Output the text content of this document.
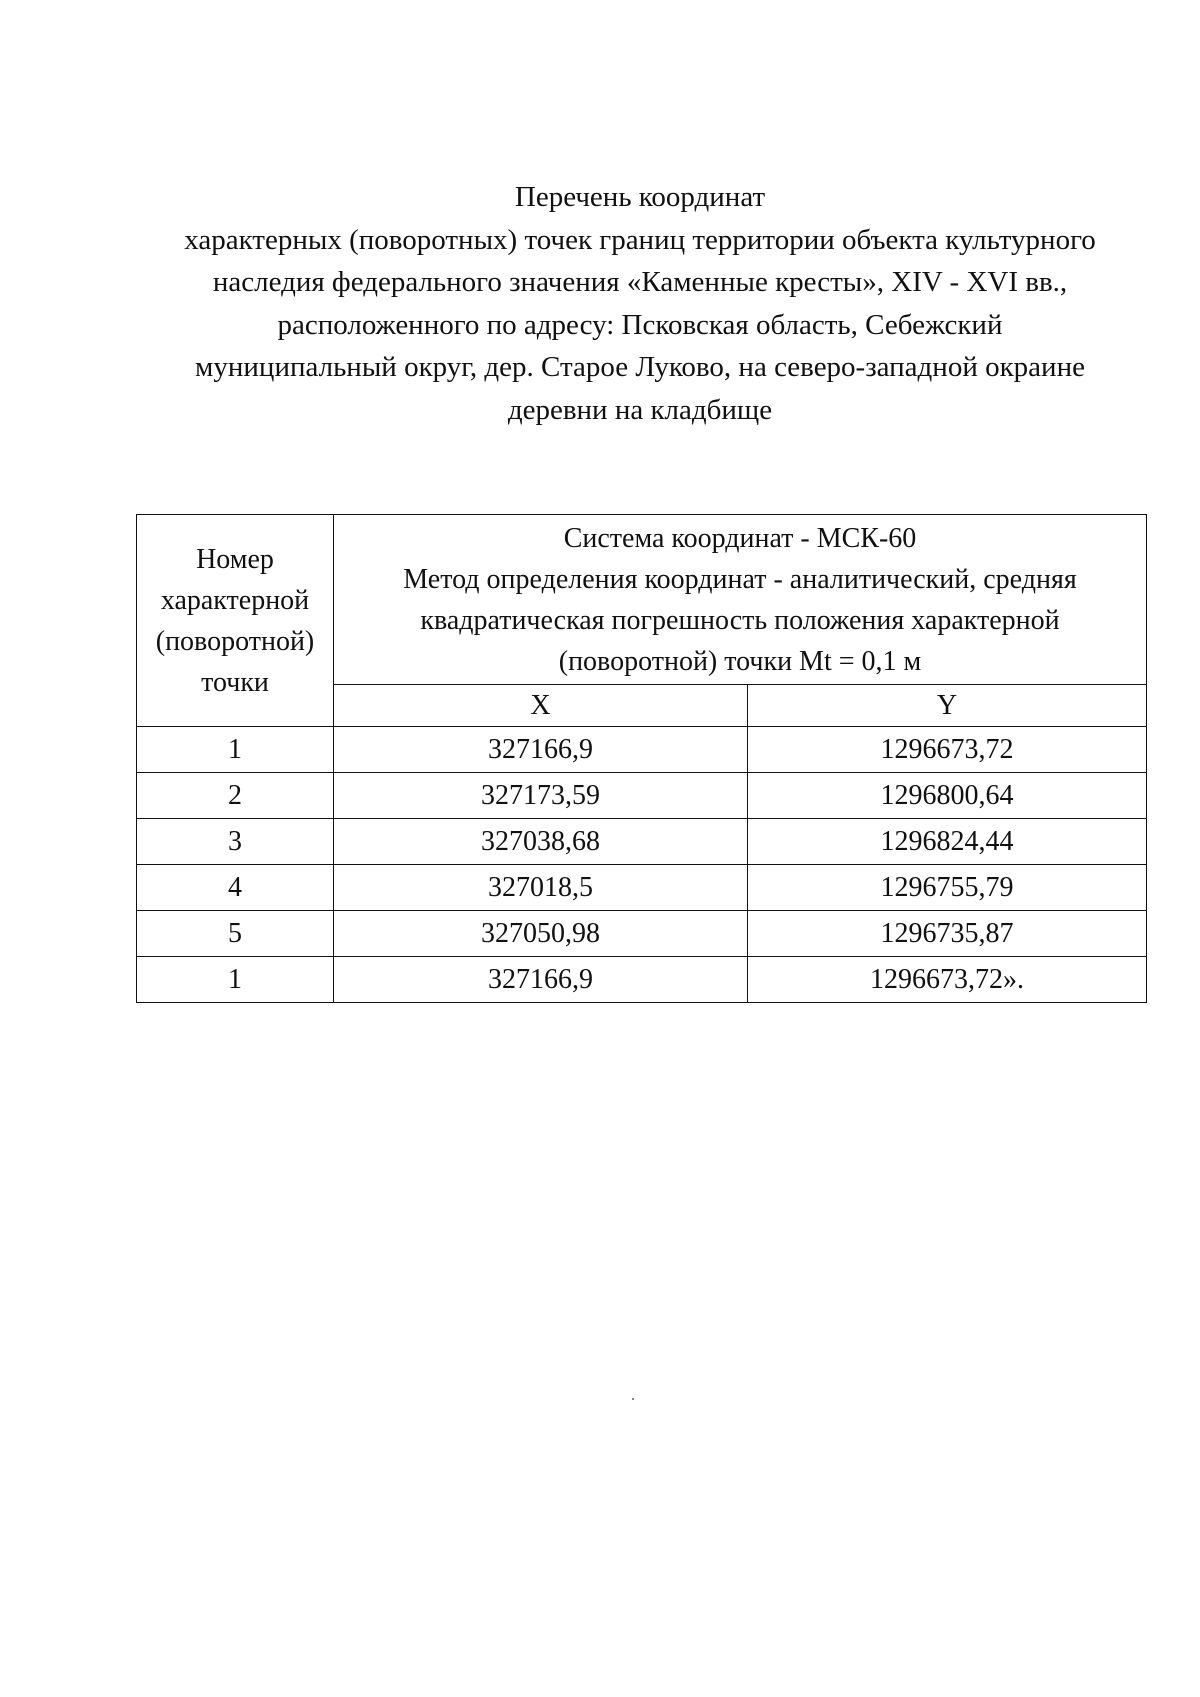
Перечень координат
характерных (поворотных) точек границ территории объекта культурного
наследия федерального значения «Каменные кресты», XIV - XVI вв.,
расположенного по адресу: Псковская область, Себежский
муниципальный округ, дер. Старое Луково, на северо-западной окраине
деревни на кладбище
Номер
характерной
(поворотной)
точки	Система координат - МСК-60
Метод определения координат - аналитический, средняя
квадратическая погрешность положения характерной
(поворотной) точки Mt = 0,1 м	

	X	Y
1	327166,9	1296673,72
2	327173,59	1296800,64
3	327038,68	1296824,44
4	327018,5	1296755,79
5	327050,98	1296735,87
1	327166,9	1296673,72».
